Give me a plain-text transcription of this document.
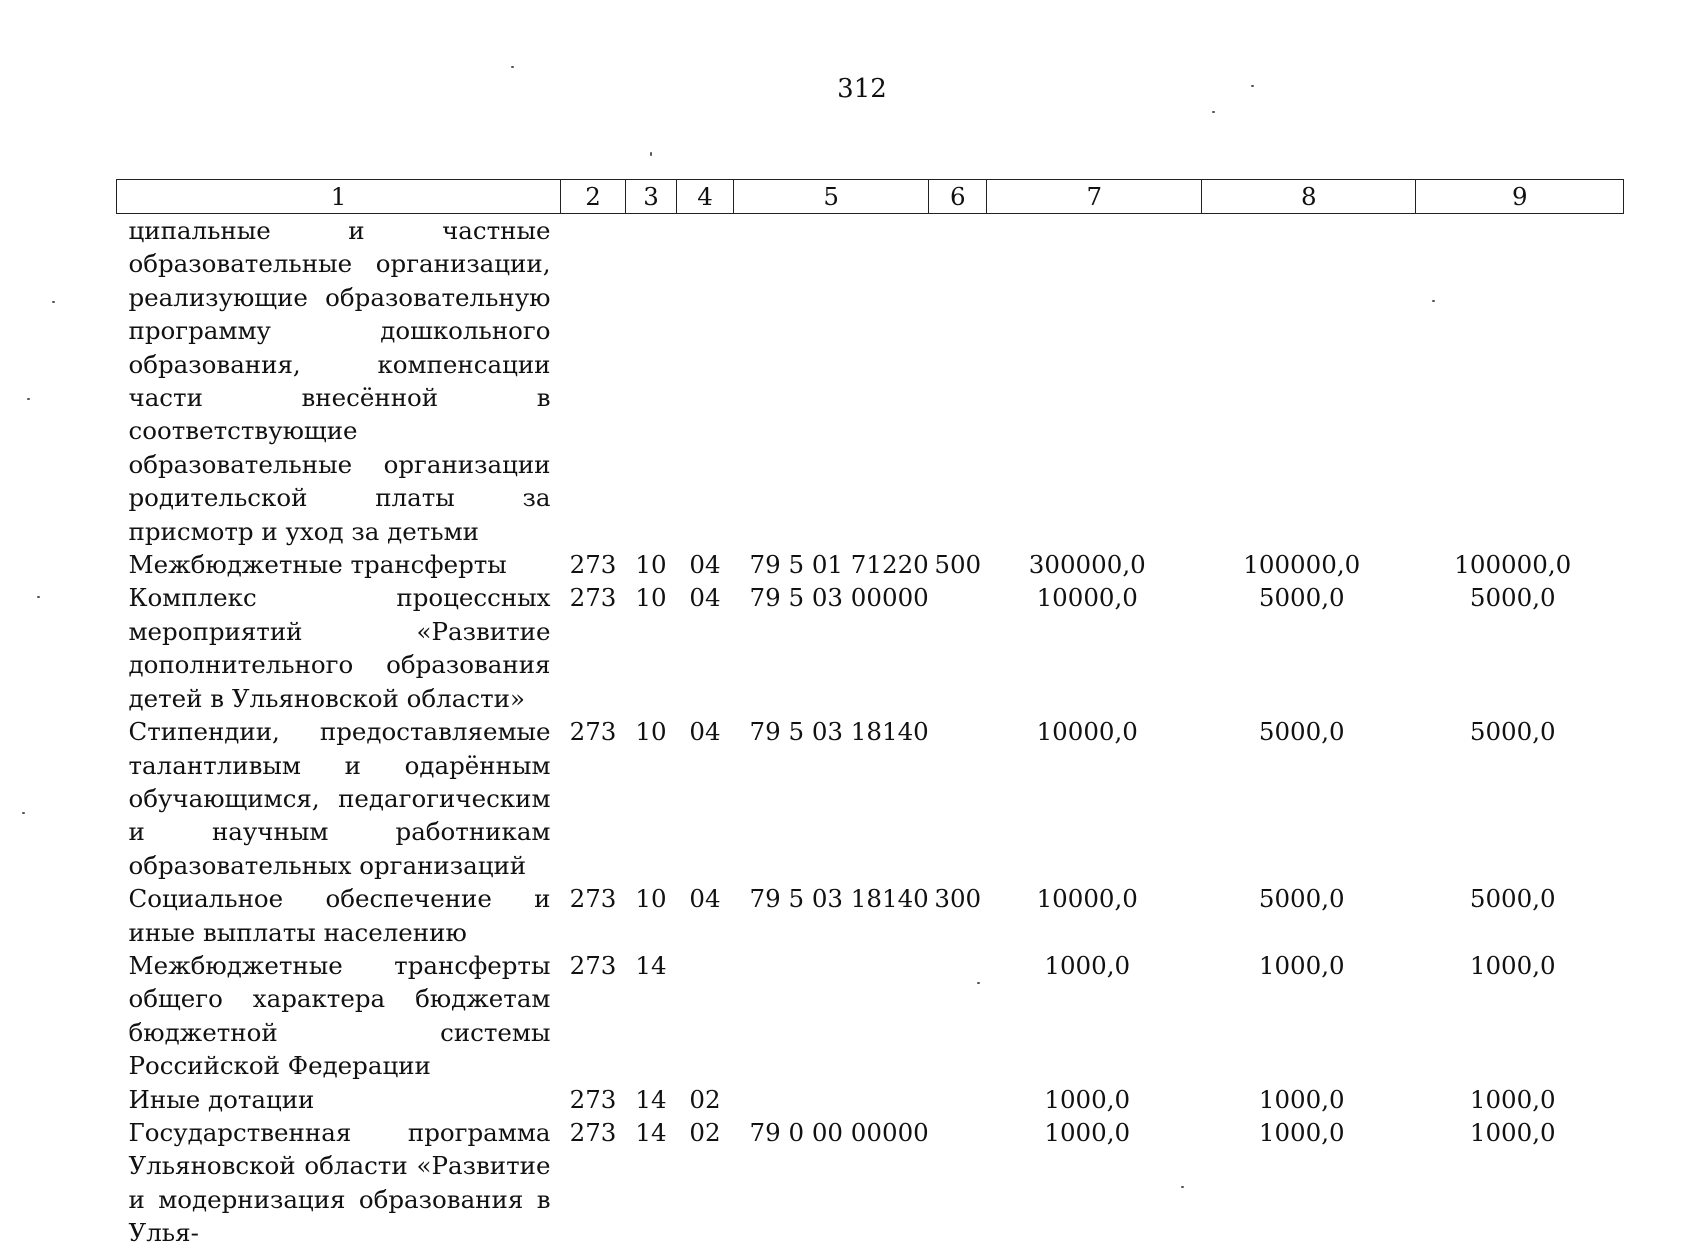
312
1	2	3	4	5	6	7	8	9
ципальные и частные образовательные организации, реализующие образовательную программу дошкольного образования, компенсации части внесённой в соответствующие образовательные организации родительской платы за присмотр и уход за детьми								
Межбюджетные трансферты	273	10	04	79 5 01 71220	500	300000,0	100000,0	100000,0
Комплекс процессных мероприятий «Развитие дополнительного образования детей в Ульяновской области»	273	10	04	79 5 03 00000		10000,0	5000,0	5000,0
Стипендии, предоставляемые талантливым и одарённым обучающимся, педагогическим и научным работникам образовательных организаций	273	10	04	79 5 03 18140		10000,0	5000,0	5000,0
Социальное обеспечение и иные выплаты населению	273	10	04	79 5 03 18140	300	10000,0	5000,0	5000,0
Межбюджетные трансферты общего характера бюджетам бюджетной системы Российской Федерации	273	14				1000,0	1000,0	1000,0
Иные дотации	273	14	02			1000,0	1000,0	1000,0
Государственная программа Ульяновской области «Развитие и модернизация образования в Улья-	273	14	02	79 0 00 00000		1000,0	1000,0	1000,0
